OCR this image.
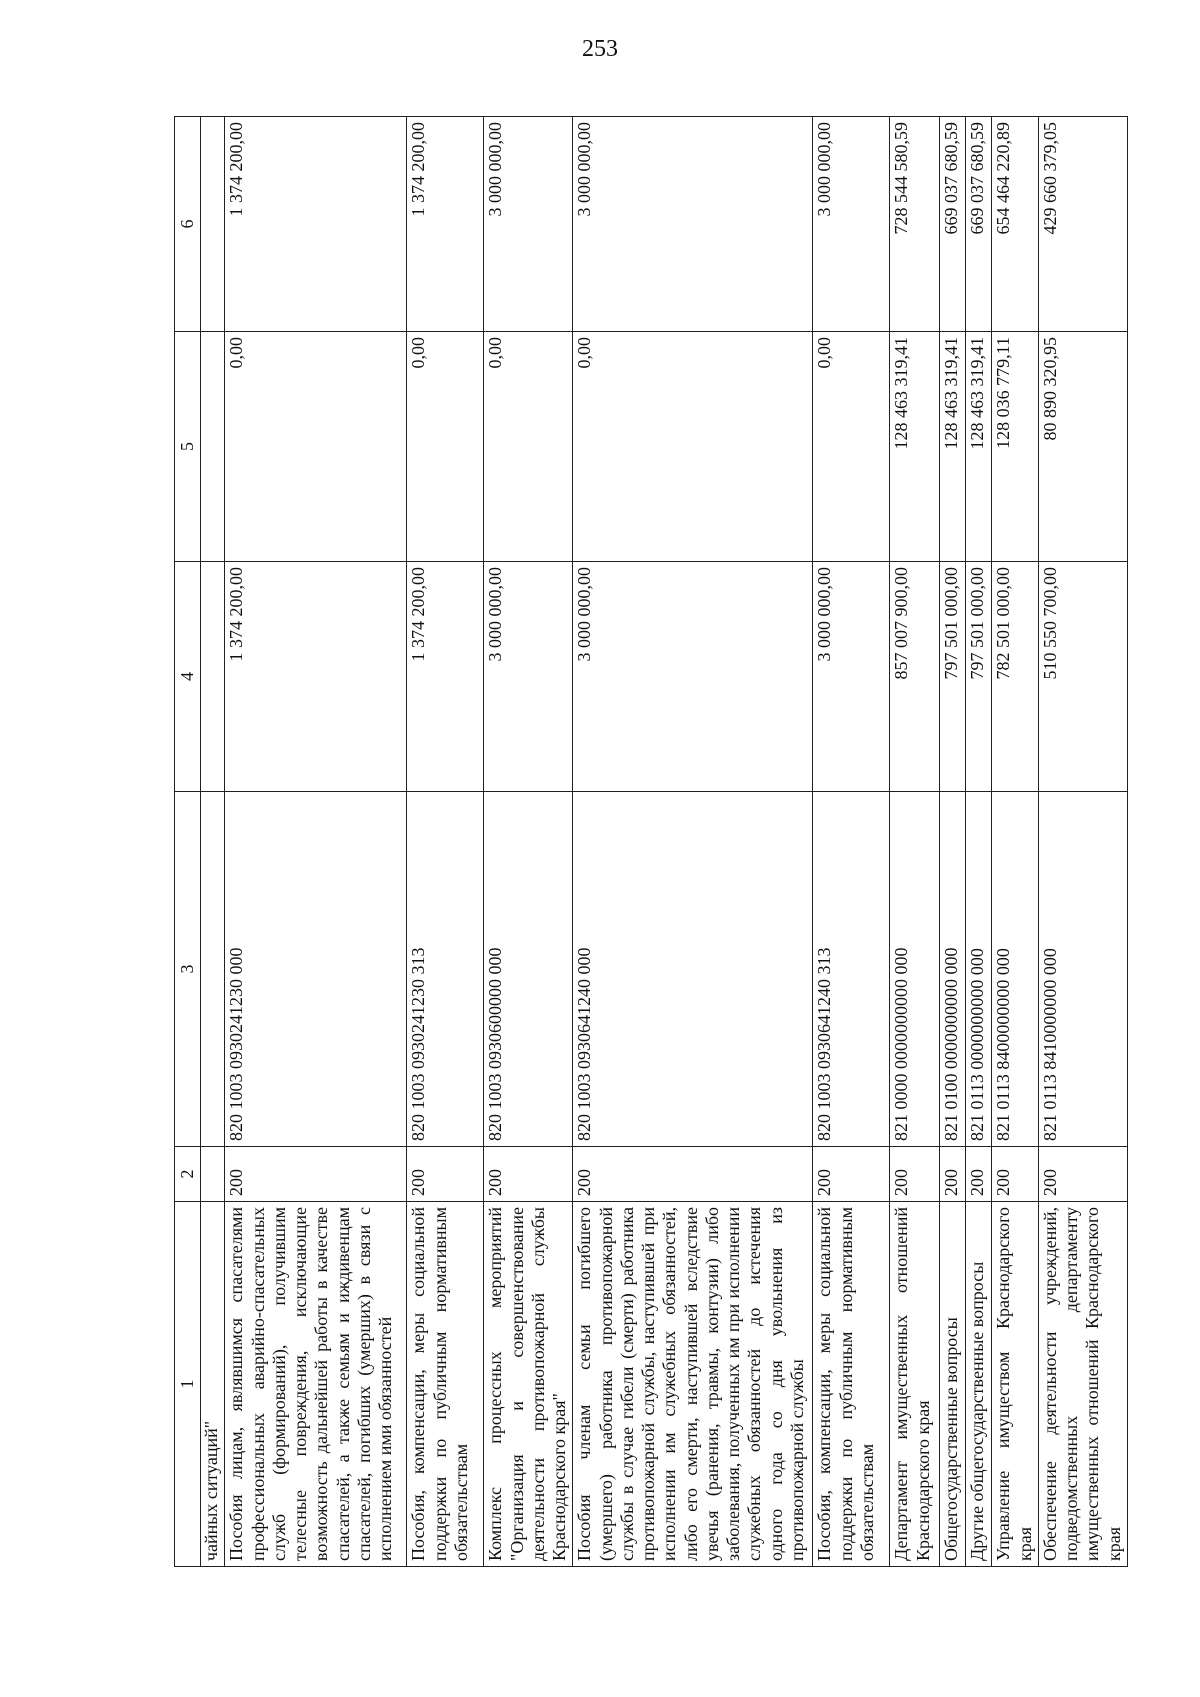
253
1	2	3	4	5	6
чайных ситуаций"					
Пособия лицам, являвшимся спасателями профессиональных аварийно-спасательных служб (формирований), получившим телесные повреждения, исключающие возможность дальнейшей работы в качестве спасателей, а также семьям и иждивенцам спасателей, погибших (умерших) в связи с исполнением ими обязанностей	200	820 1003 0930241230 000	1 374 200,00	0,00	1 374 200,00
Пособия, компенсации, меры социальной поддержки по публичным нормативным обязательствам	200	820 1003 0930241230 313	1 374 200,00	0,00	1 374 200,00
Комплекс процессных мероприятий "Организация и совершенствование деятельности противопожарной службы Краснодарского края"	200	820 1003 0930600000 000	3 000 000,00	0,00	3 000 000,00
Пособия членам семьи погибшего (умершего) работника противопожарной службы в случае гибели (смерти) работника противопожарной службы, наступившей при исполнении им служебных обязанностей, либо его смерти, наступившей вследствие увечья (ранения, травмы, контузии) либо заболевания, полученных им при исполнении служебных обязанностей до истечения одного года со дня увольнения из противопожарной службы	200	820 1003 0930641240 000	3 000 000,00	0,00	3 000 000,00
Пособия, компенсации, меры социальной поддержки по публичным нормативным обязательствам	200	820 1003 0930641240 313	3 000 000,00	0,00	3 000 000,00
Департамент имущественных отношений Краснодарского края	200	821 0000 0000000000 000	857 007 900,00	128 463 319,41	728 544 580,59
Общегосударственные вопросы	200	821 0100 0000000000 000	797 501 000,00	128 463 319,41	669 037 680,59
Другие общегосударственные вопросы	200	821 0113 0000000000 000	797 501 000,00	128 463 319,41	669 037 680,59
Управление имуществом Краснодарского края	200	821 0113 8400000000 000	782 501 000,00	128 036 779,11	654 464 220,89
Обеспечение деятельности учреждений, подведомственных департаменту имущественных отношений Краснодарского края	200	821 0113 8410000000 000	510 550 700,00	80 890 320,95	429 660 379,05
